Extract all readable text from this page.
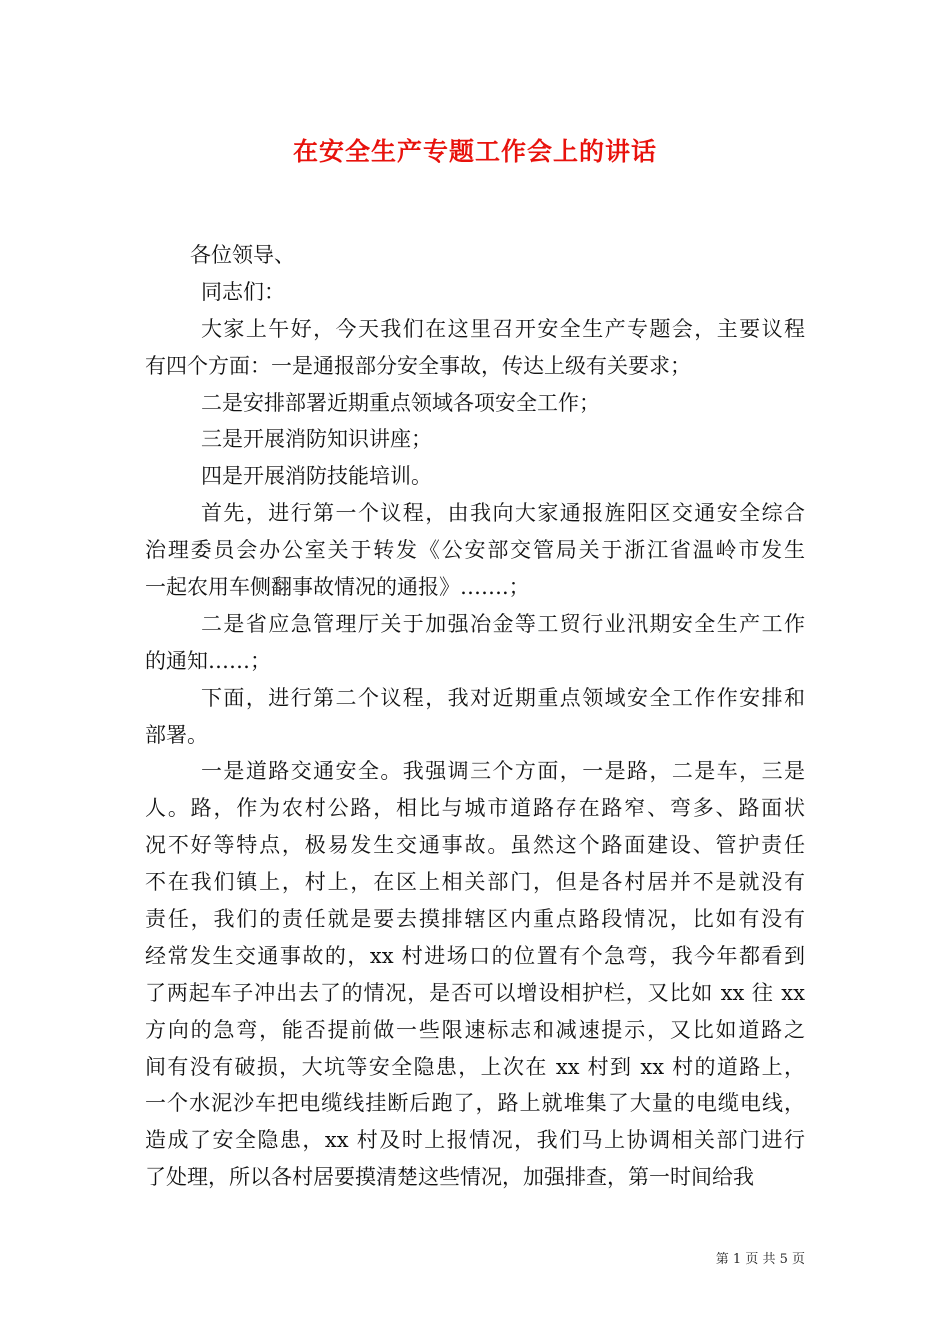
在安全生产专题工作会上的讲话
各位领导、
同志们：
大家上午好，今天我们在这里召开安全生产专题会，主要议程
有四个方面：一是通报部分安全事故，传达上级有关要求；
二是安排部署近期重点领域各项安全工作；
三是开展消防知识讲座；
四是开展消防技能培训。
首先，进行第一个议程，由我向大家通报旌阳区交通安全综合
治理委员会办公室关于转发《公安部交管局关于浙江省温岭市发生
一起农用车侧翻事故情况的通报》…….；
二是省应急管理厅关于加强冶金等工贸行业汛期安全生产工作
的通知……；
下面，进行第二个议程，我对近期重点领域安全工作作安排和
部署。
一是道路交通安全。我强调三个方面，一是路，二是车，三是
人。路，作为农村公路，相比与城市道路存在路窄、弯多、路面状
况不好等特点，极易发生交通事故。虽然这个路面建设、管护责任
不在我们镇上，村上，在区上相关部门，但是各村居并不是就没有
责任，我们的责任就是要去摸排辖区内重点路段情况，比如有没有
经常发生交通事故的，xx 村进场口的位置有个急弯，我今年都看到
了两起车子冲出去了的情况，是否可以增设相护栏，又比如 xx 往 xx
方向的急弯，能否提前做一些限速标志和减速提示，又比如道路之
间有没有破损，大坑等安全隐患，上次在 xx 村到 xx 村的道路上，
一个水泥沙车把电缆线挂断后跑了，路上就堆集了大量的电缆电线，
造成了安全隐患，xx 村及时上报情况，我们马上协调相关部门进行
了处理，所以各村居要摸清楚这些情况，加强排查，第一时间给我
第 1 页 共 5 页
